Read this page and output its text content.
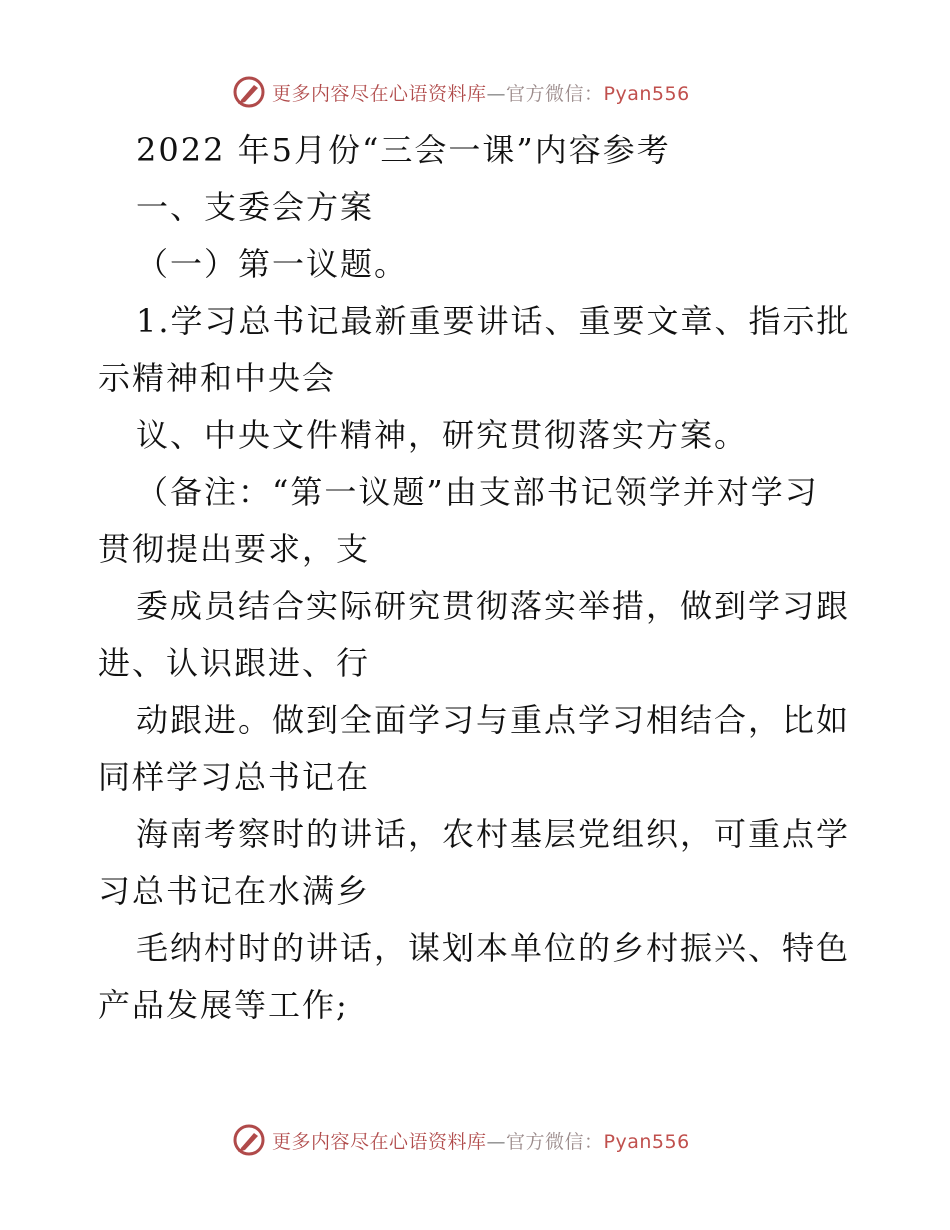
更多内容尽在心语资料库—官方微信：Pyan556
2022 年5月份“三会一课”内容参考
一、支委会方案
（一）第一议题。
1.学习总书记最新重要讲话、重要文章、指示批
示精神和中央会
议、中央文件精神，研究贯彻落实方案。
（备注：“第一议题”由支部书记领学并对学习
贯彻提出要求，支
委成员结合实际研究贯彻落实举措，做到学习跟
进、认识跟进、行
动跟进。做到全面学习与重点学习相结合，比如
同样学习总书记在
海南考察时的讲话，农村基层党组织，可重点学
习总书记在水满乡
毛纳村时的讲话，谋划本单位的乡村振兴、特色
产品发展等工作;
更多内容尽在心语资料库—官方微信：Pyan556
